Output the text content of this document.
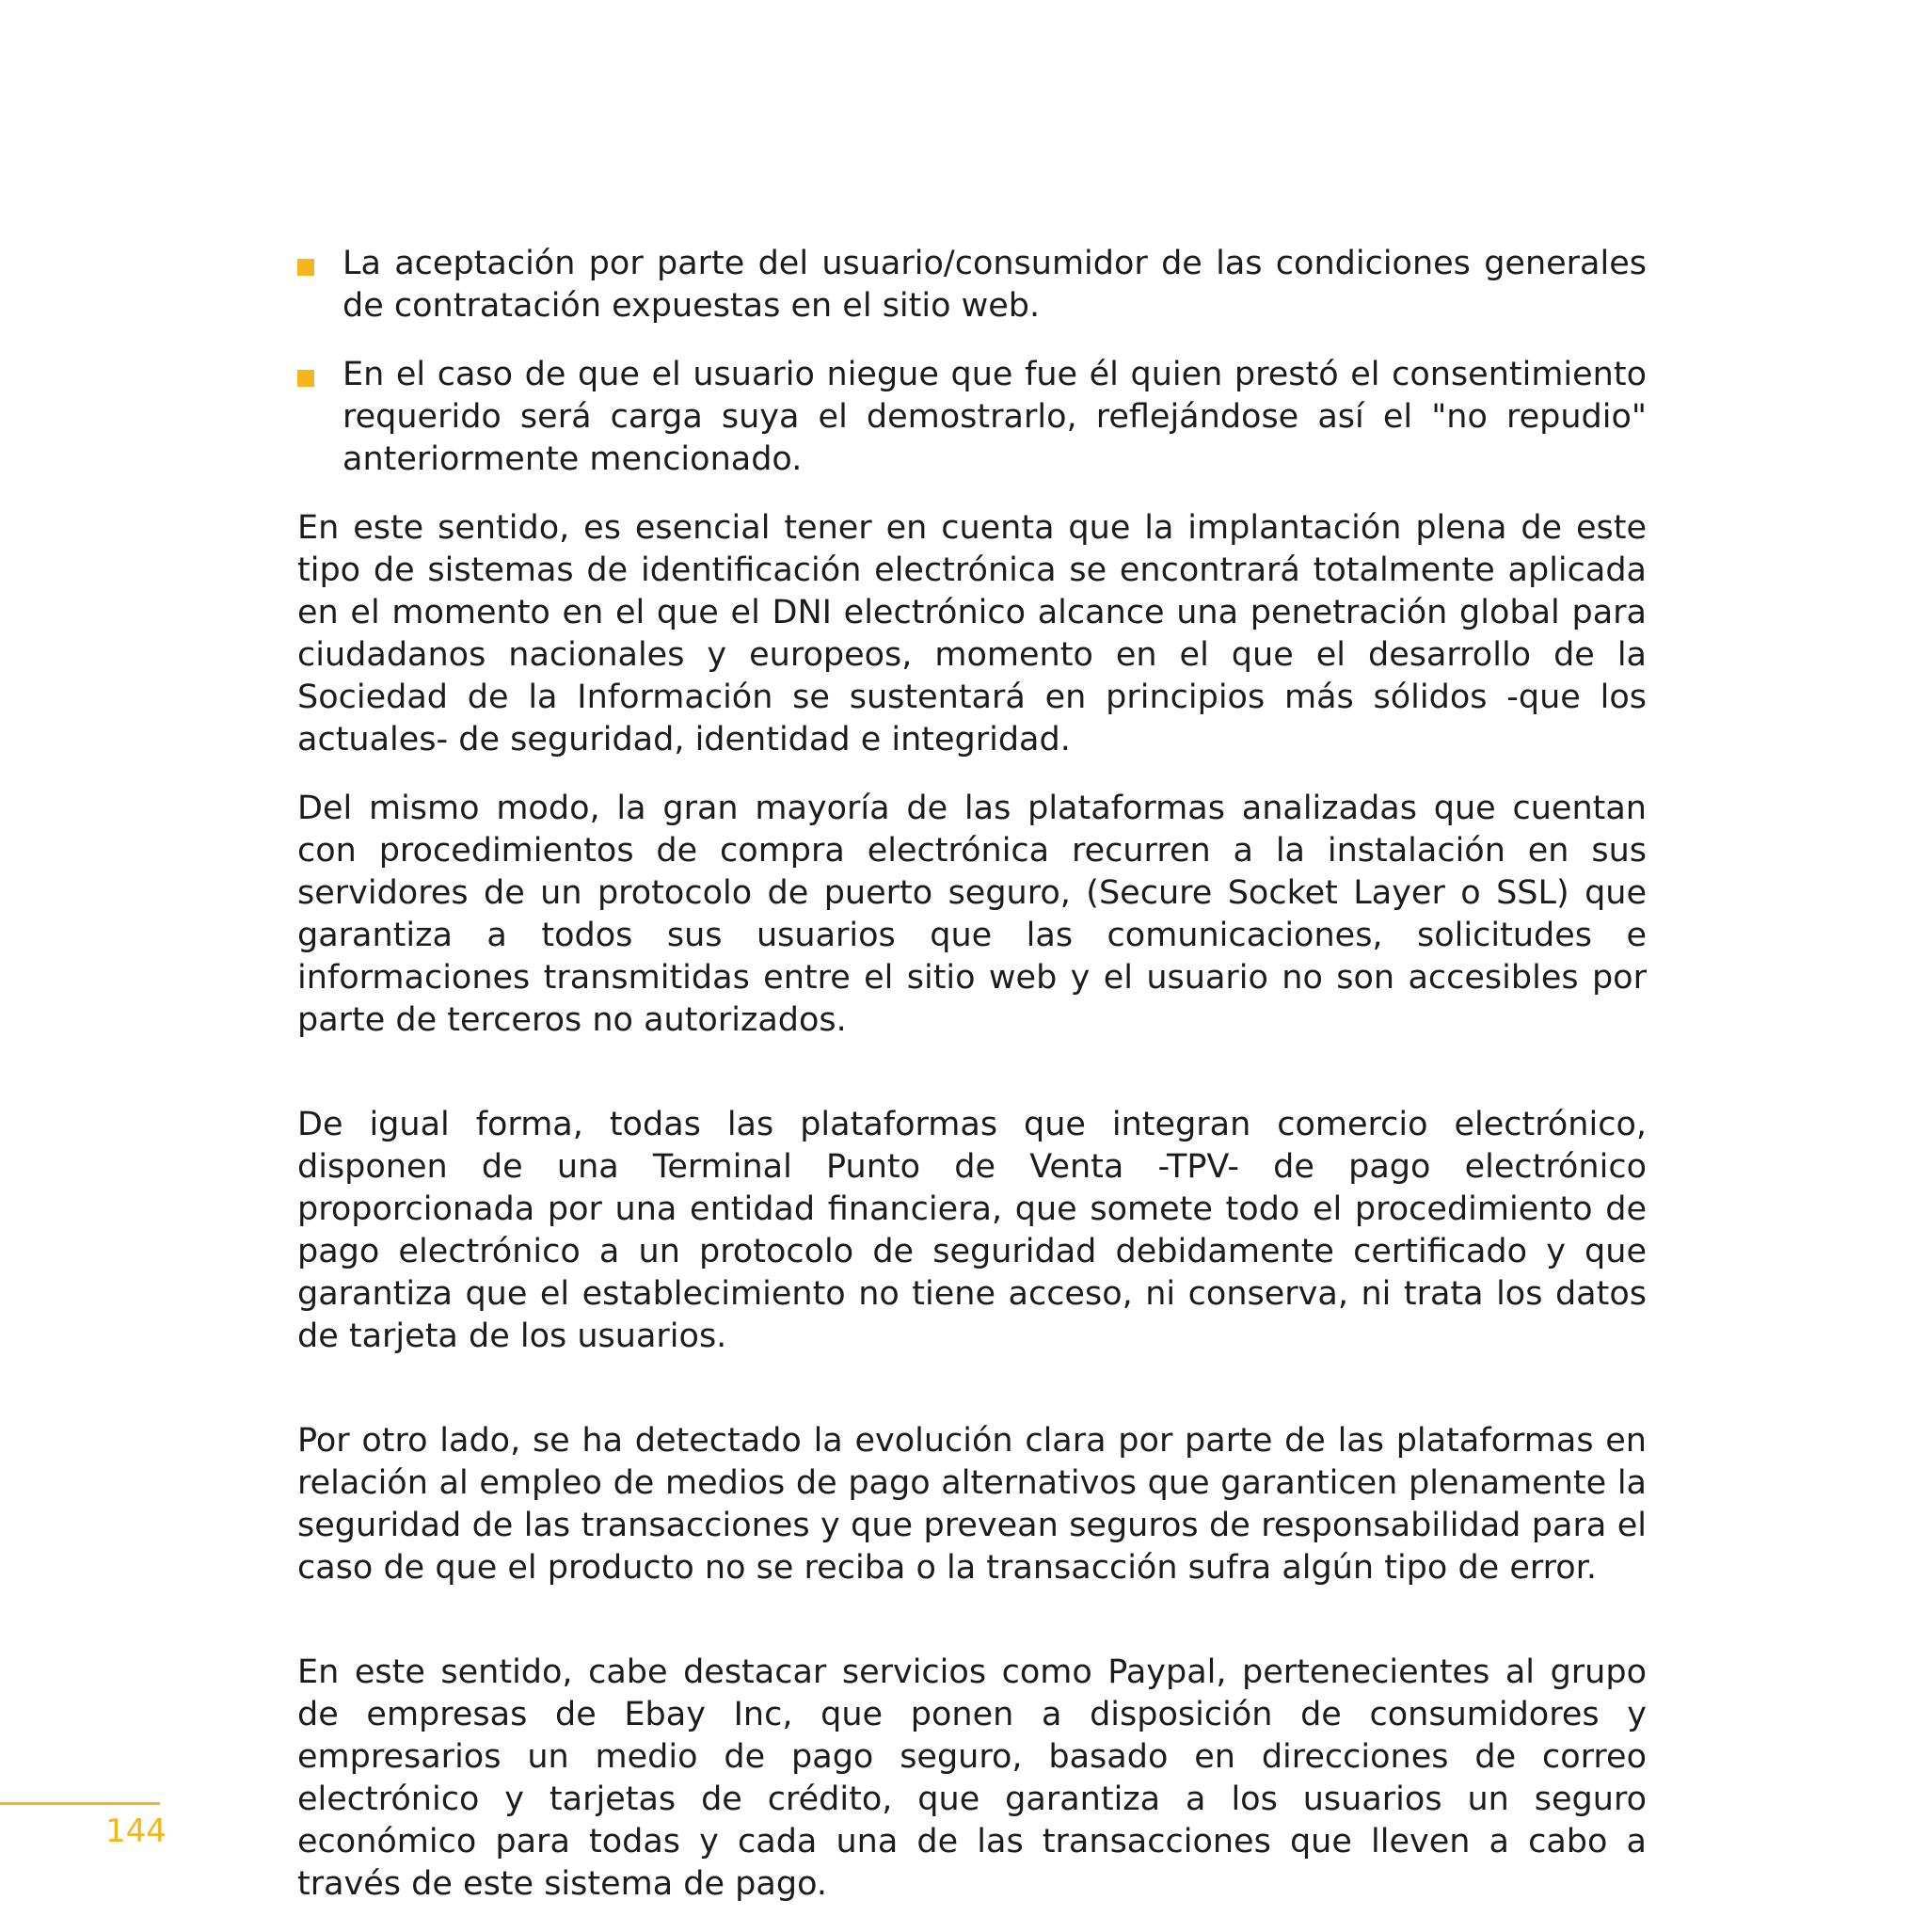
La aceptación por parte del usuario/consumidor de las condiciones generales de contratación expuestas en el sitio web.
En el caso de que el usuario niegue que fue él quien prestó el consentimiento requerido será carga suya el demostrarlo, reflejándose así el "no repudio" anteriormente mencionado.

En este sentido, es esencial tener en cuenta que la implantación plena de este tipo de sistemas de identificación electrónica se encontrará totalmente aplicada en el momento en el que el DNI electrónico alcance una penetración global para ciudadanos nacionales y europeos, momento en el que el desarrollo de la Sociedad de la Información se sustentará en principios más sólidos -que los actuales- de seguridad, identidad e integridad.

Del mismo modo, la gran mayoría de las plataformas analizadas que cuentan con procedimientos de compra electrónica recurren a la instalación en sus servidores de un protocolo de puerto seguro, (Secure Socket Layer o SSL) que garantiza a todos sus usuarios que las comunicaciones, solicitudes e informaciones transmitidas entre el sitio web y el usuario no son accesibles por parte de terceros no autorizados.

De igual forma, todas las plataformas que integran comercio electrónico, disponen de una Terminal Punto de Venta -TPV- de pago electrónico proporcionada por una entidad financiera, que somete todo el procedimiento de pago electrónico a un protocolo de seguridad debidamente certificado y que garantiza que el establecimiento no tiene acceso, ni conserva, ni trata los datos de tarjeta de los usuarios.

Por otro lado, se ha detectado la evolución clara por parte de las plataformas en relación al empleo de medios de pago alternativos que garanticen plenamente la seguridad de las transacciones y que prevean seguros de responsabilidad para el caso de que el producto no se reciba o la transacción sufra algún tipo de error.

En este sentido, cabe destacar servicios como Paypal, pertenecientes al grupo de empresas de Ebay Inc, que ponen a disposición de consumidores y empresarios un medio de pago seguro, basado en direcciones de correo electrónico y tarjetas de crédito, que garantiza a los usuarios un seguro económico para todas y cada una de las transacciones que lleven a cabo a través de este sistema de pago.

144
